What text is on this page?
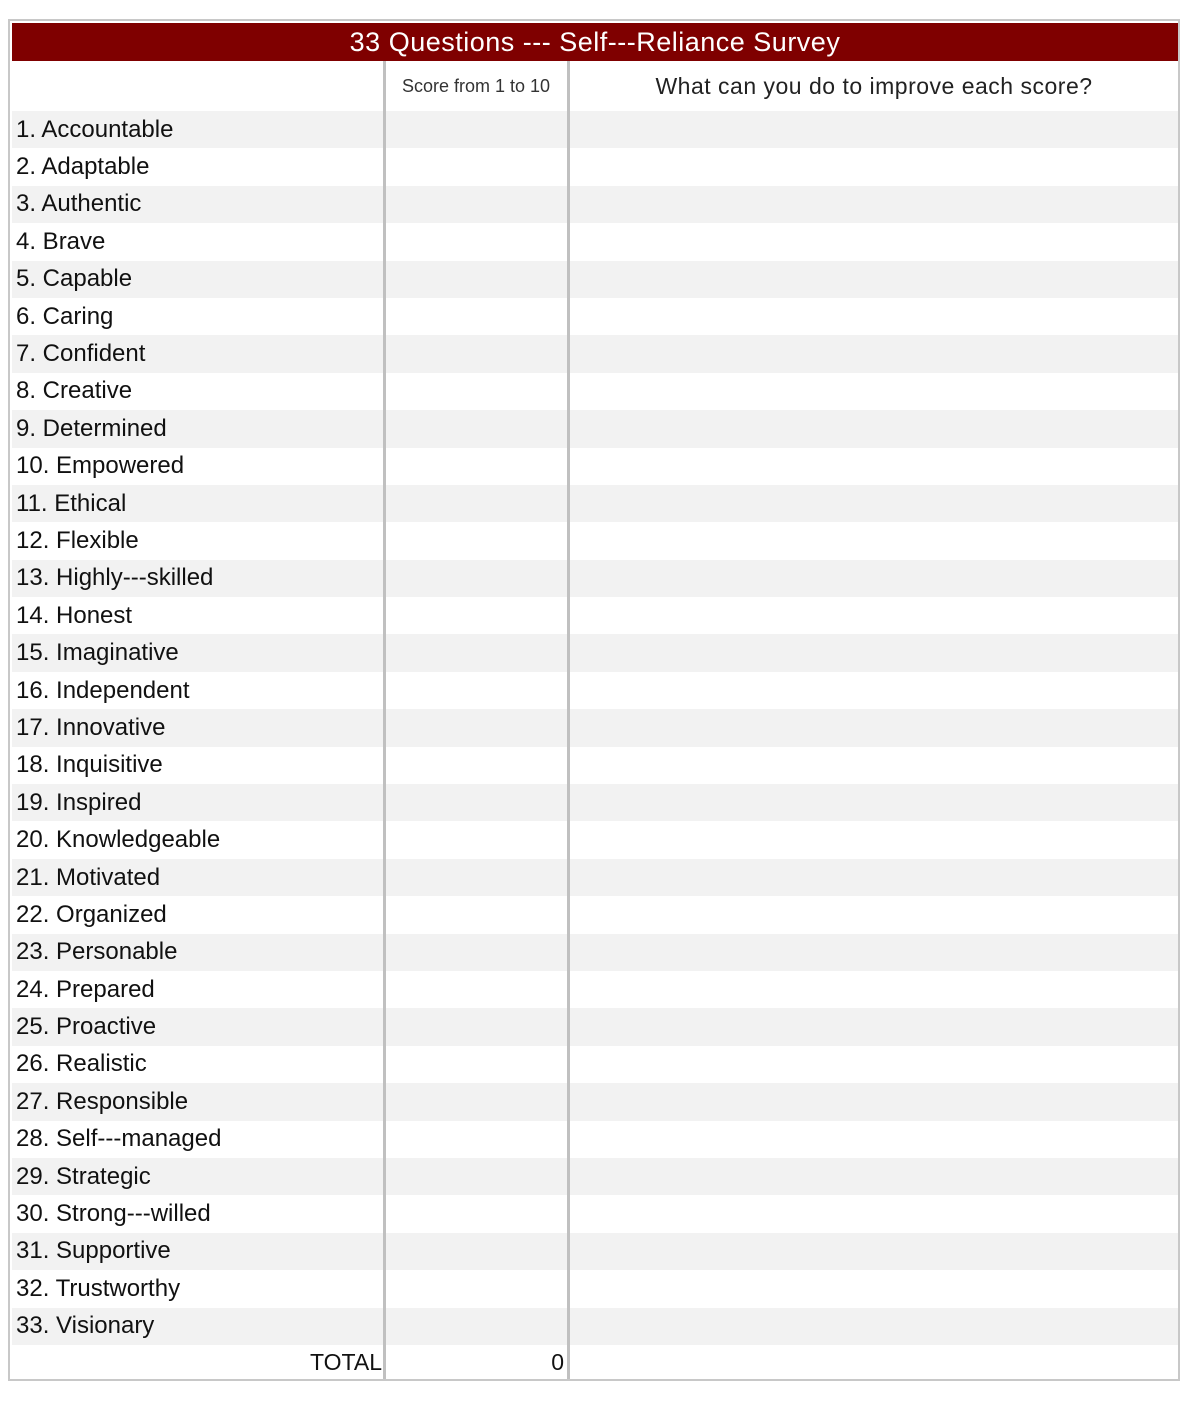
33 Questions --- Self---Reliance Survey
Score from 1 to 10	What can you do to improve each score?
1. Accountable
2. Adaptable
3. Authentic
4. Brave
5. Capable
6. Caring
7. Confident
8. Creative
9. Determined
10. Empowered
11. Ethical
12. Flexible
13. Highly---skilled
14. Honest
15. Imaginative
16. Independent
17. Innovative
18. Inquisitive
19. Inspired
20. Knowledgeable
21. Motivated
22. Organized
23. Personable
24. Prepared
25. Proactive
26. Realistic
27. Responsible
28. Self---managed
29. Strategic
30. Strong---willed
31. Supportive
32. Trustworthy
33. Visionary
TOTAL	0
